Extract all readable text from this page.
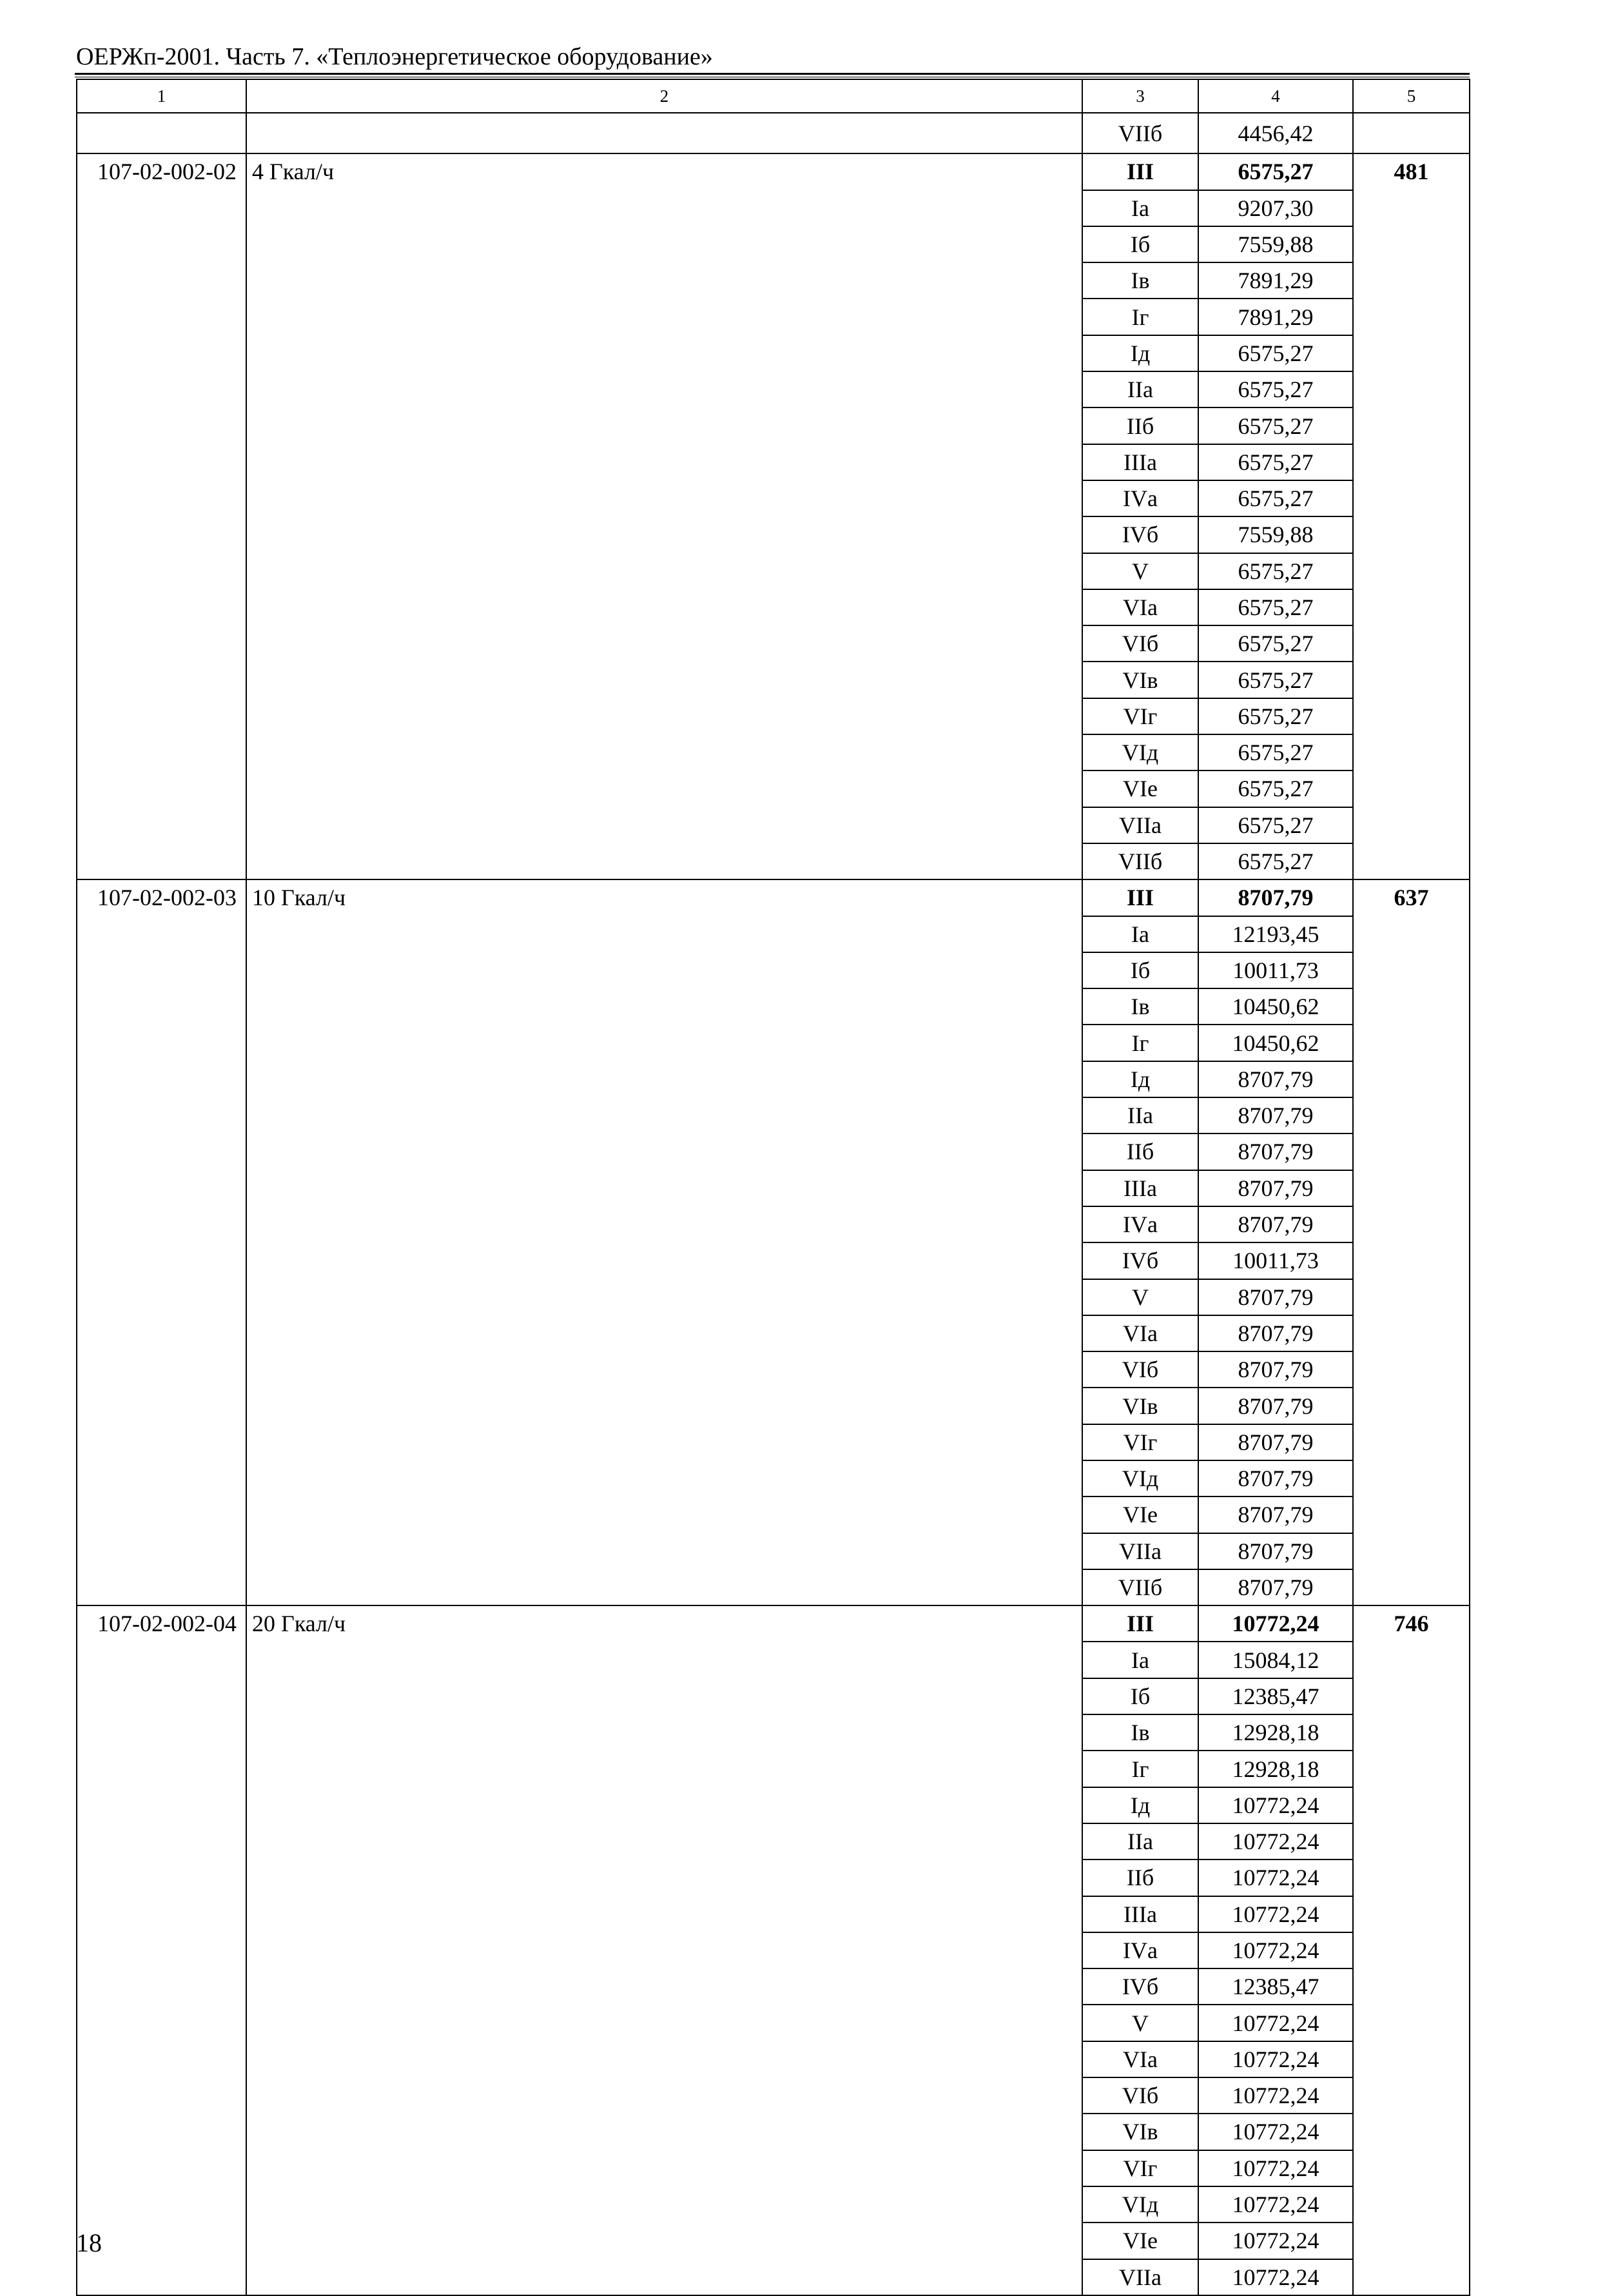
ОЕРЖп-2001. Часть 7. «Теплоэнергетическое оборудование»
1	2	3	4	5
		VIIб	4456,42	
107-02-002-02	4 Гкал/ч	III	6575,27	481
		Iа	9207,30	
		Iб	7559,88	
		Iв	7891,29	
		Iг	7891,29	
		Iд	6575,27	
		IIа	6575,27	
		IIб	6575,27	
		IIIа	6575,27	
		IVа	6575,27	
		IVб	7559,88	
		V	6575,27	
		VIа	6575,27	
		VIб	6575,27	
		VIв	6575,27	
		VIг	6575,27	
		VIд	6575,27	
		VIе	6575,27	
		VIIа	6575,27	
		VIIб	6575,27	
107-02-002-03	10 Гкал/ч	III	8707,79	637
		Iа	12193,45	
		Iб	10011,73	
		Iв	10450,62	
		Iг	10450,62	
		Iд	8707,79	
		IIа	8707,79	
		IIб	8707,79	
		IIIа	8707,79	
		IVа	8707,79	
		IVб	10011,73	
		V	8707,79	
		VIа	8707,79	
		VIб	8707,79	
		VIв	8707,79	
		VIг	8707,79	
		VIд	8707,79	
		VIе	8707,79	
		VIIа	8707,79	
		VIIб	8707,79	
107-02-002-04	20 Гкал/ч	III	10772,24	746
		Iа	15084,12	
		Iб	12385,47	
		Iв	12928,18	
		Iг	12928,18	
		Iд	10772,24	
		IIа	10772,24	
		IIб	10772,24	
		IIIа	10772,24	
		IVа	10772,24	
		IVб	12385,47	
		V	10772,24	
		VIа	10772,24	
		VIб	10772,24	
		VIв	10772,24	
		VIг	10772,24	
		VIд	10772,24	
		VIе	10772,24	
		VIIа	10772,24	
18
